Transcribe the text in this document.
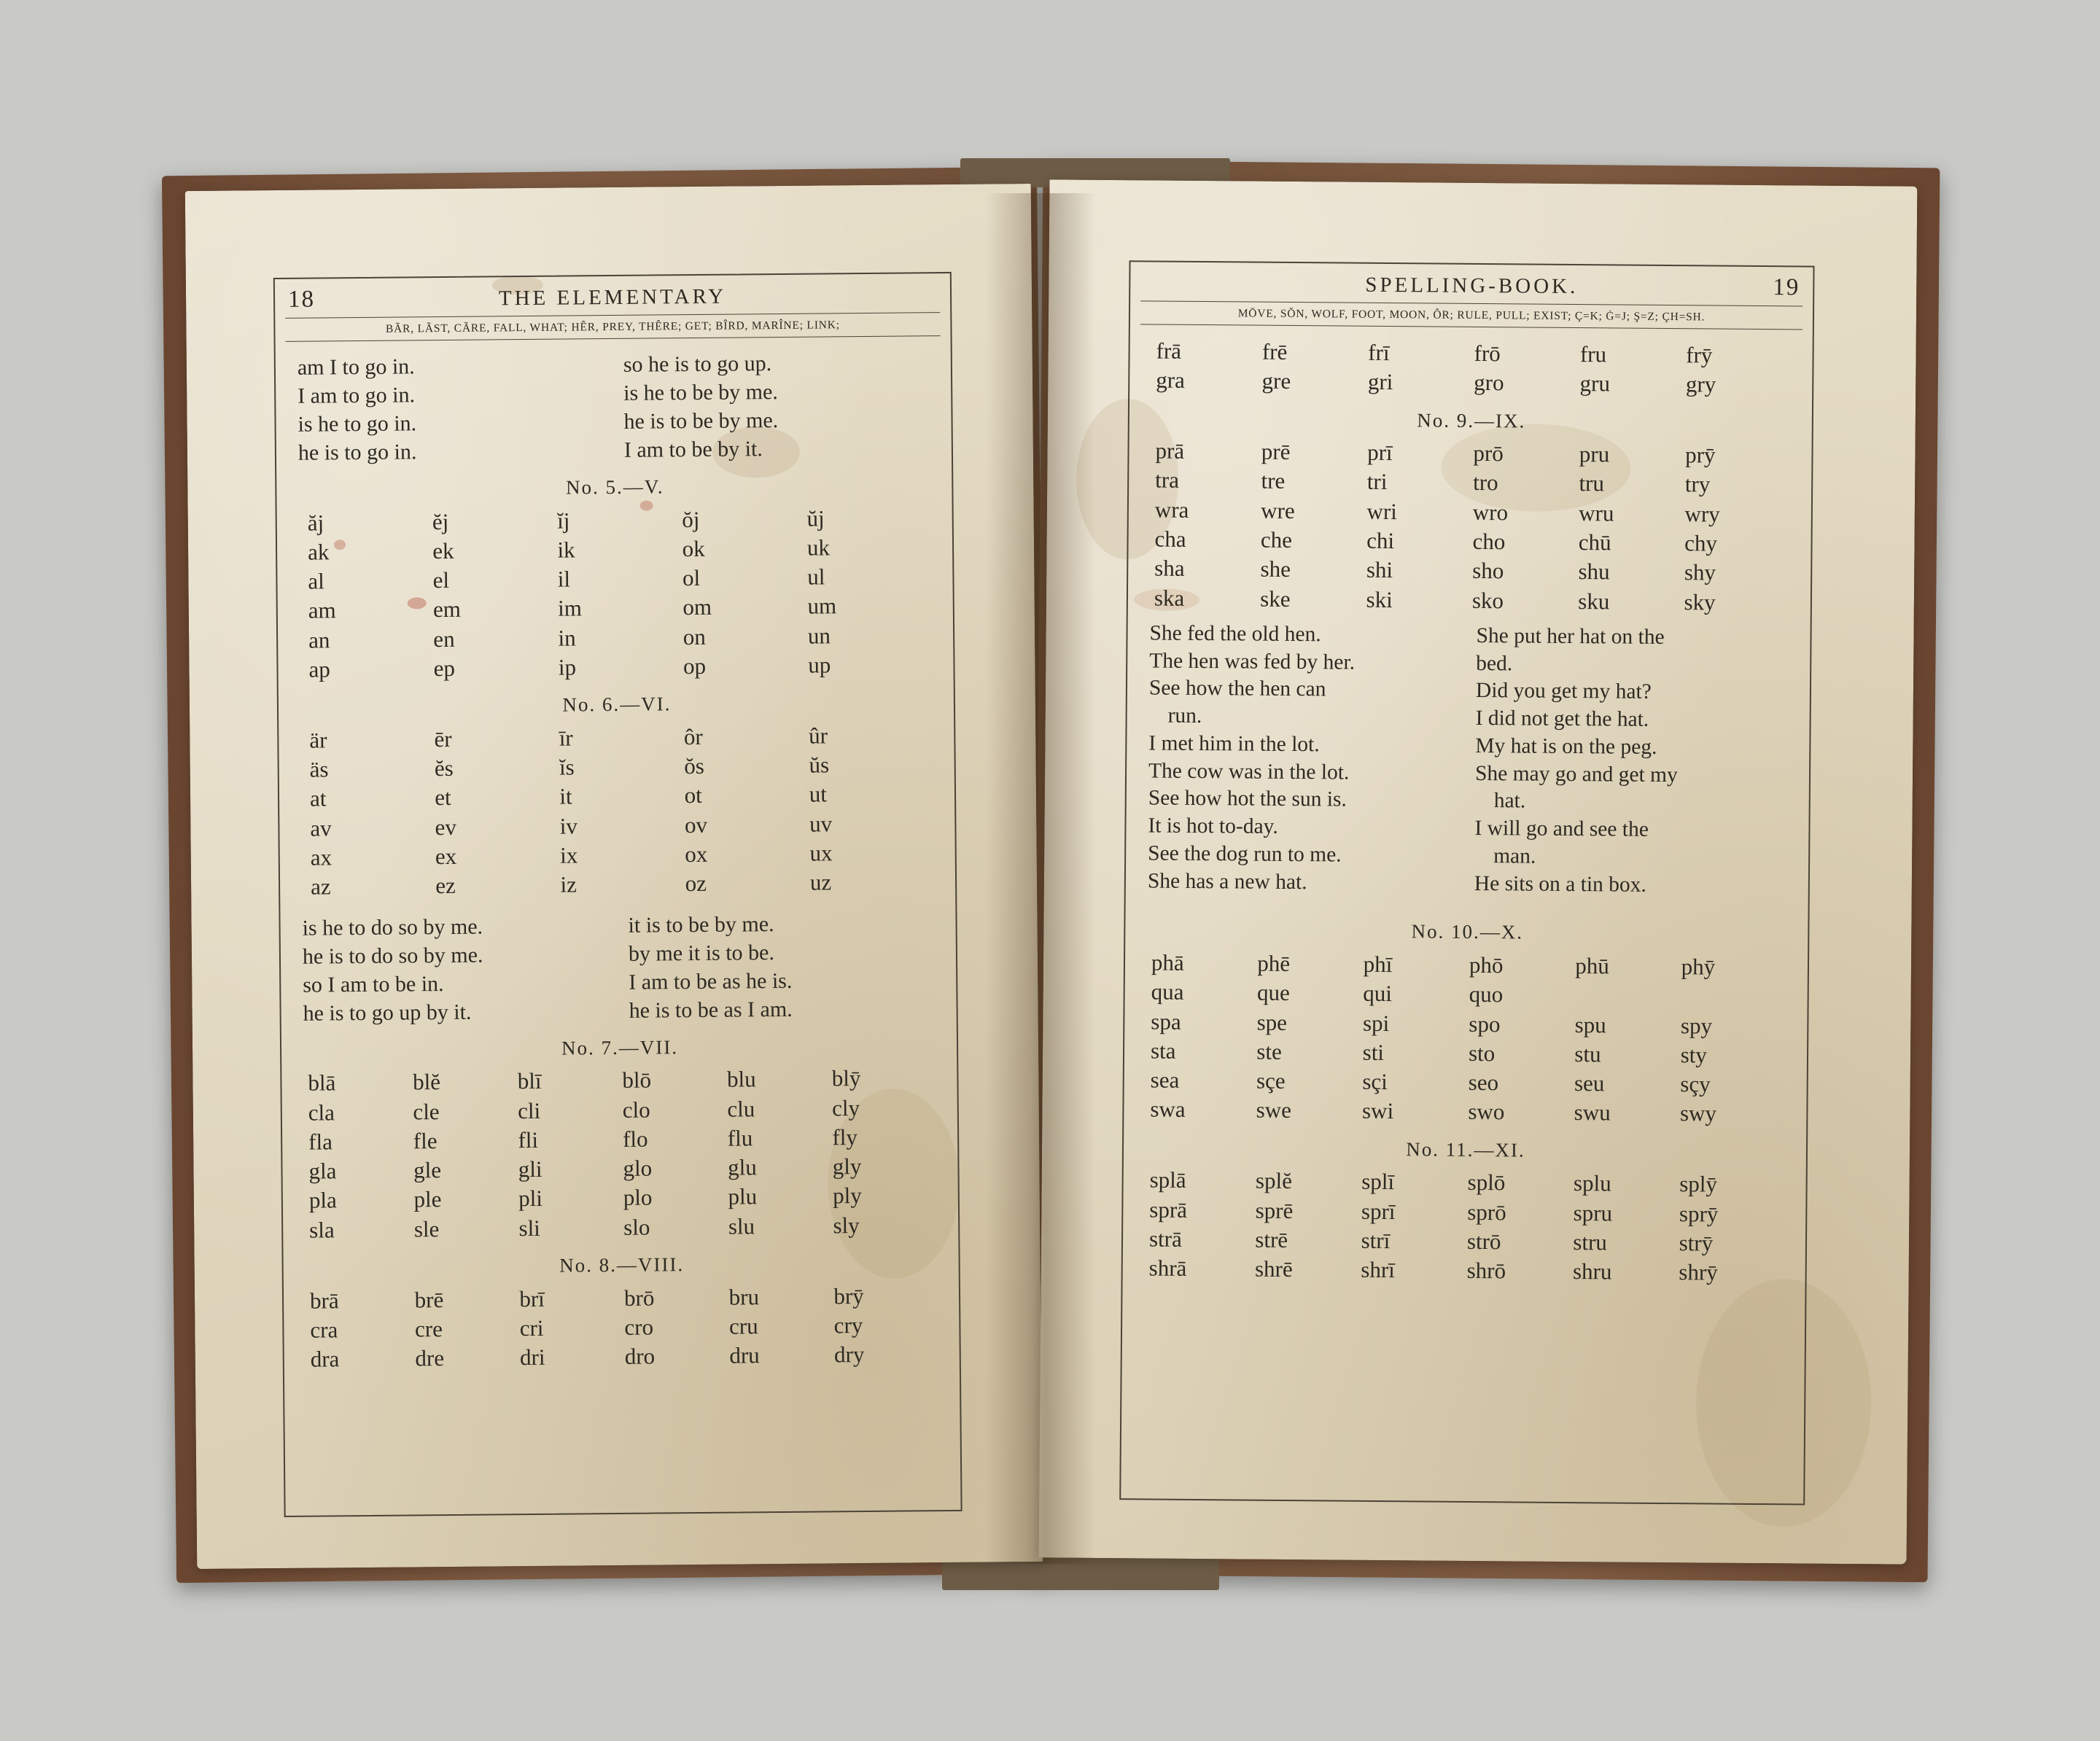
18	THE ELEMENTARY
BÃR, LÃST, CÃRE, FALL, WHAT; HÊR, PREY, THÊRE; GET; BÎRD, MARÎNE; LINK;
am I to go in.	so he is to go up.
I am to go in.	is he to be by me.
is he to go in.	he is to be by me.
he is to go in.	I am to be by it.
No. 5.—V.
ăj	ĕj	ĭj	ŏj	ŭj
ak	ek	ik	ok	uk
al	el	il	ol	ul
am	em	im	om	um
an	en	in	on	un
ap	ep	ip	op	up
No. 6.—VI.
är	ēr	īr	ôr	ûr
äs	ĕs	ĭs	ŏs	ŭs
at	et	it	ot	ut
av	ev	iv	ov	uv
ax	ex	ix	ox	ux
az	ez	iz	oz	uz
is he to do so by me.	it is to be by me.
he is to do so by me.	by me it is to be.
so I am to be in.	I am to be as he is.
he is to go up by it.	he is to be as I am.
No. 7.—VII.
blā	blĕ	blī	blō	blu	blȳ
cla	cle	cli	clo	clu	cly
fla	fle	fli	flo	flu	fly
gla	gle	gli	glo	glu	gly
pla	ple	pli	plo	plu	ply
sla	sle	sli	slo	slu	sly
No. 8.—VIII.
brā	brē	brī	brō	bru	brȳ
cra	cre	cri	cro	cru	cry
dra	dre	dri	dro	dru	dry
SPELLING-BOOK.	19
MŌVE, SŎN, WOLF, FOOT, MOON, ÔR; RULE, PULL; EXIST; Ç=K; Ġ=J; Ş=Z; ÇH=SH.
frā	frē	frī	frō	fru	frȳ
gra	gre	gri	gro	gru	gry
No. 9.—IX.
prā	prē	prī	prō	pru	prȳ
tra	tre	tri	tro	tru	try
wra	wre	wri	wro	wru	wry
cha	che	chi	cho	chū	chy
sha	she	shi	sho	shu	shy
ska	ske	ski	sko	sku	sky
She fed the old hen.	She put her hat on the
The hen was fed by her.	bed.
See how the hen can	Did you get my hat?
run.	I did not get the hat.
I met him in the lot.	My hat is on the peg.
The cow was in the lot.	She may go and get my
See how hot the sun is.	hat.
It is hot to-day.	I will go and see the
See the dog run to me.	man.
She has a new hat.	He sits on a tin box.
No. 10.—X.
phā	phē	phī	phō	phū	phȳ
qua	que	qui	quo
spa	spe	spi	spo	spu	spy
sta	ste	sti	sto	stu	sty
sea	sçe	sçi	seo	seu	sçy
swa	swe	swi	swo	swu	swy
No. 11.—XI.
splā	splĕ	splī	splō	splu	splȳ
sprā	sprē	sprī	sprō	spru	sprȳ
strā	strē	strī	strō	stru	strȳ
shrā	shrē	shrī	shrō	shru	shrȳ
